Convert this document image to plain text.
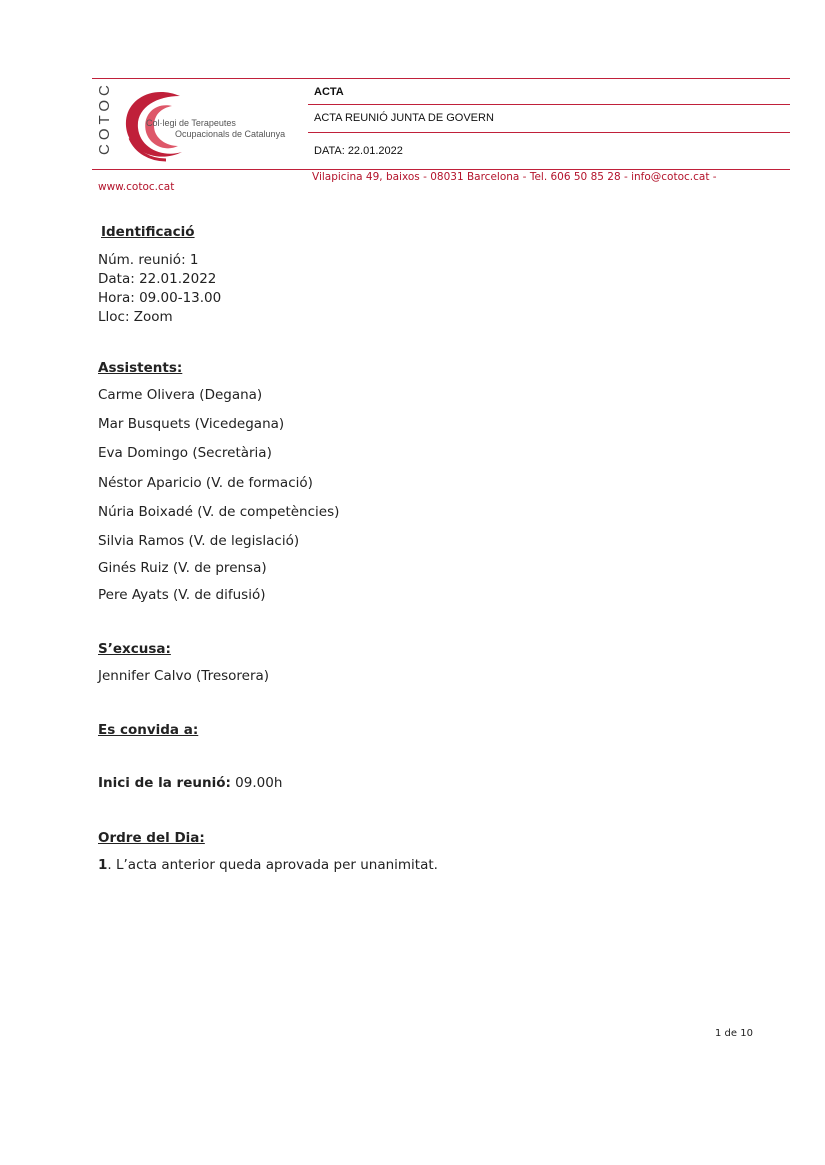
COTOC	Col·legi de Terapeutes
Ocupacionals de Catalunya
ACTA
ACTA REUNIÓ JUNTA DE GOVERN
DATA: 22.01.2022
Vilapicina 49, baixos - 08031 Barcelona - Tel. 606 50 85 28 - info@cotoc.cat -
www.cotoc.cat
Identificació
Núm. reunió: 1
Data: 22.01.2022
Hora: 09.00-13.00
Lloc: Zoom
Assistents:
Carme Olivera (Degana)
Mar Busquets (Vicedegana)
Eva Domingo (Secretària)
Néstor Aparicio (V. de formació)
Núria Boixadé (V. de competències)
Silvia Ramos (V. de legislació)
Ginés Ruiz (V. de prensa)
Pere Ayats (V. de difusió)
S’excusa:
Jennifer Calvo (Tresorera)
Es convida a:
Inici de la reunió: 09.00h
Ordre del Dia:
1. L’acta anterior queda aprovada per unanimitat.
1 de 10
